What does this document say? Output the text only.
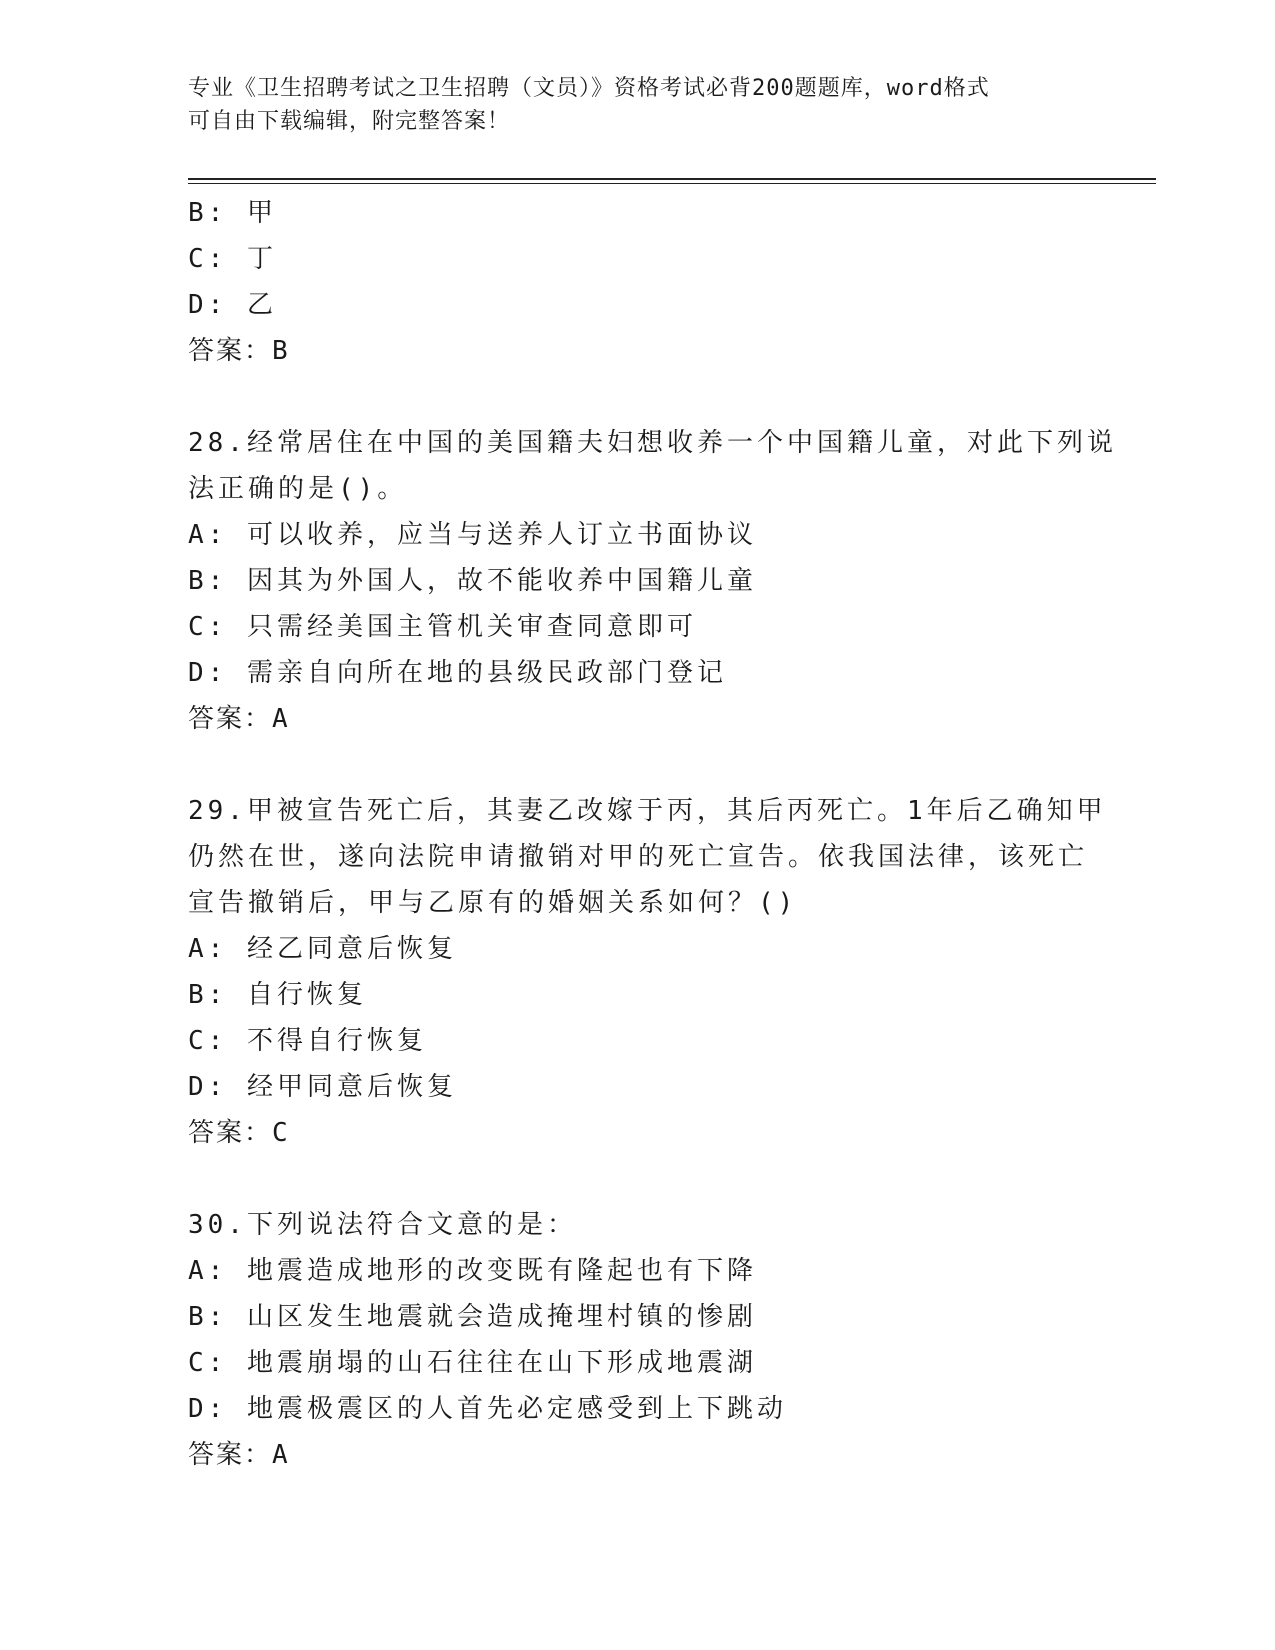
专业《卫生招聘考试之卫生招聘（文员）》资格考试必背200题题库，word格式
可自由下载编辑，附完整答案！
B: 甲
C: 丁
D: 乙
答案：B
28.经常居住在中国的美国籍夫妇想收养一个中国籍儿童，对此下列说
法正确的是()。
A: 可以收养，应当与送养人订立书面协议
B: 因其为外国人，故不能收养中国籍儿童
C: 只需经美国主管机关审查同意即可
D: 需亲自向所在地的县级民政部门登记
答案：A
29.甲被宣告死亡后，其妻乙改嫁于丙，其后丙死亡。1年后乙确知甲
仍然在世，遂向法院申请撤销对甲的死亡宣告。依我国法律，该死亡
宣告撤销后，甲与乙原有的婚姻关系如何？()
A: 经乙同意后恢复
B: 自行恢复
C: 不得自行恢复
D: 经甲同意后恢复
答案：C
30.下列说法符合文意的是：
A: 地震造成地形的改变既有隆起也有下降
B: 山区发生地震就会造成掩埋村镇的惨剧
C: 地震崩塌的山石往往在山下形成地震湖
D: 地震极震区的人首先必定感受到上下跳动
答案：A
